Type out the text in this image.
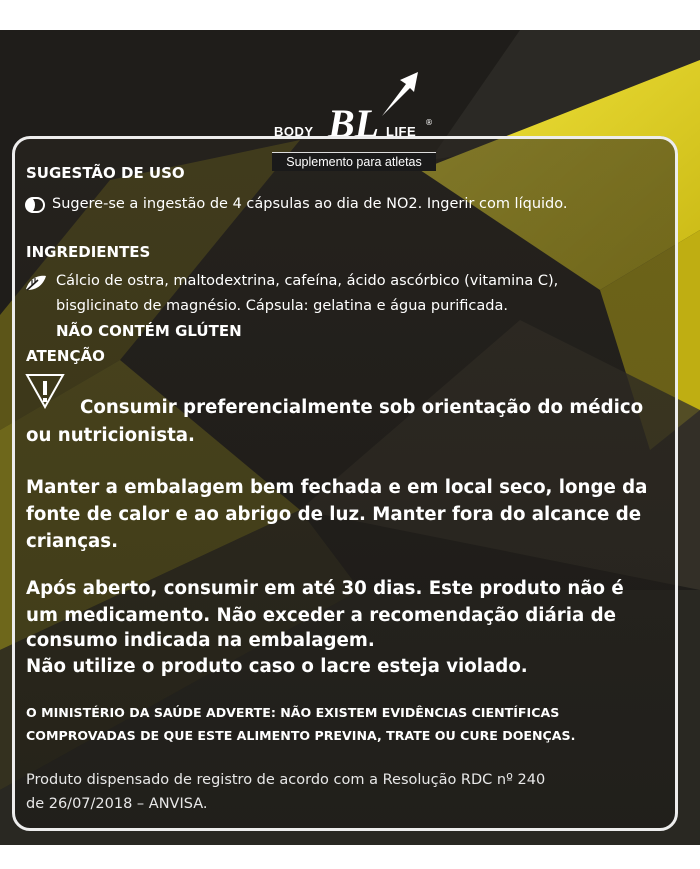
BODY BL LIFE
®
Suplemento para atletas
SUGESTÃO DE USO
Sugere-se a ingestão de 4 cápsulas ao dia de NO2. Ingerir com líquido.
INGREDIENTES
Cálcio de ostra, maltodextrina, cafeína, ácido ascórbico (vitamina C),
bisglicinato de magnésio. Cápsula: gelatina e água purificada.
NÃO CONTÉM GLÚTEN
ATENÇÃO
Consumir preferencialmente sob orientação do médico
ou nutricionista.
Manter a embalagem bem fechada e em local seco, longe da
fonte de calor e ao abrigo de luz. Manter fora do alcance de
crianças.
Após aberto, consumir em até 30 dias. Este produto não é
um medicamento. Não exceder a recomendação diária de
consumo indicada na embalagem.
Não utilize o produto caso o lacre esteja violado.
O MINISTÉRIO DA SAÚDE ADVERTE: NÃO EXISTEM EVIDÊNCIAS CIENTÍFICAS
COMPROVADAS DE QUE ESTE ALIMENTO PREVINA, TRATE OU CURE DOENÇAS.
Produto dispensado de registro de acordo com a Resolução RDC nº 240
de 26/07/2018 – ANVISA.
